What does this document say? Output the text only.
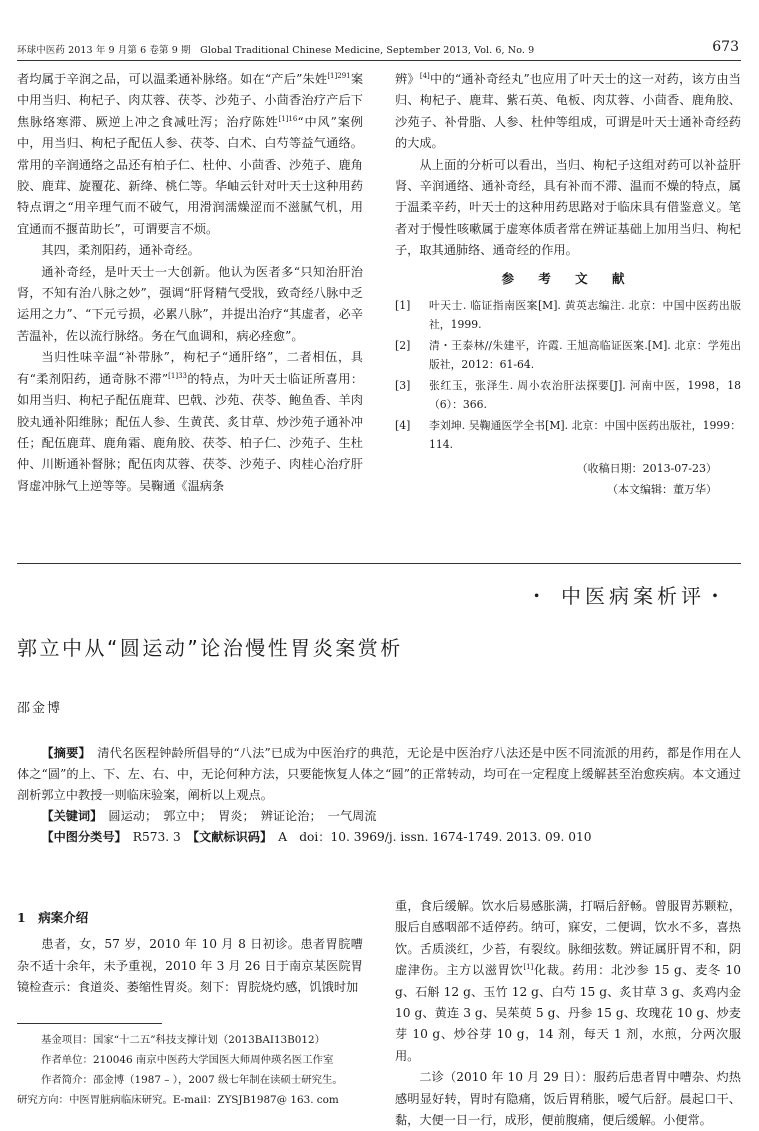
环球中医药 2013 年 9 月第 6 卷第 9 期　Global Traditional Chinese Medicine, September 2013, Vol. 6, No. 9	673

者均属于辛润之品，可以温柔通补脉络。如在“产后”朱姓$^{[1]291}$案中用当归、枸杞子、肉苁蓉、茯苓、沙苑子、小茴香治疗产后下焦脉络寒滞、厥逆上冲之食减吐泻；治疗陈姓$^{[1]16}$“中风”案例中，用当归、枸杞子配伍人参、茯苓、白术、白芍等益气通络。常用的辛润通络之品还有柏子仁、杜仲、小茴香、沙苑子、鹿角胶、鹿茸、旋覆花、新绛、桃仁等。华岫云针对叶天士这种用药特点谓之“用辛理气而不破气，用滑润濡燥涩而不滋腻气机，用宜通而不揠苗助长”，可谓要言不烦。

其四，柔剂阳药，通补奇经。

通补奇经，是叶天士一大创新。他认为医者多“只知治肝治肾，不知有治八脉之妙”，强调“肝肾精气受戕，致奇经八脉中乏运用之力”、“下元亏损，必累八脉”，并提出治疗“其虚者，必辛苦温补，佐以流行脉络。务在气血调和，病必痊愈”。

当归性味辛温“补带脉”，枸杞子“通肝络”，二者相伍，具有“柔剂阳药，通奇脉不滞”$^{[1]33}$的特点，为叶天士临证所喜用：如用当归、枸杞子配伍鹿茸、巴戟、沙苑、茯苓、鲍鱼香、羊肉胶丸通补阳维脉；配伍人参、生黄芪、炙甘草、炒沙苑子通补冲任；配伍鹿茸、鹿角霜、鹿角胶、茯苓、柏子仁、沙苑子、生杜仲、川断通补督脉；配伍肉苁蓉、茯苓、沙苑子、肉桂心治疗肝肾虚冲脉气上逆等等。吴鞠通《温病条

辨》[4]中的“通补奇经丸”也应用了叶天士的这一对药，该方由当归、枸杞子、鹿茸、紫石英、龟板、肉苁蓉、小茴香、鹿角胶、沙苑子、补骨脂、人参、杜仲等组成，可谓是叶天士通补奇经药的大成。

从上面的分析可以看出，当归、枸杞子这组对药可以补益肝肾、辛润通络、通补奇经，具有补而不滞、温而不燥的特点，属于温柔辛药，叶天士的这种用药思路对于临床具有借鉴意义。笔者对于慢性咳嗽属于虚寒体质者常在辨证基础上加用当归、枸杞子，取其通肺络、通奇经的作用。

参 考 文 献
[1]	叶天士. 临证指南医案[M]. 黄英志编注. 北京：中国中医药出版社，1999.
[2]	清・王泰林//朱建平，许霞. 王旭高临证医案.[M]. 北京：学苑出版社，2012：61-64.
[3]	张红玉，张泽生. 周小农治肝法探要[J]. 河南中医，1998，18（6）：366.
[4]	李刘坤. 吴鞠通医学全书[M]. 北京：中国中医药出版社，1999：114.
（收稿日期：2013-07-23）
（本文编辑：董万华）
・ 中医病案析评・
郭立中从“圆运动”论治慢性胃炎案赏析
邵金博

【摘要】　 清代名医程钟龄所倡导的“八法”已成为中医治疗的典范，无论是中医治疗八法还是中医不同流派的用药，都是作用在人体之“圆”的上、下、左、右、中，无论何种方法，只要能恢复人体之“圆”的正常转动，均可在一定程度上缓解甚至治愈疾病。本文通过剖析郭立中教授一则临床验案，阐析以上观点。

【关键词】　 圆运动；　郭立中；　胃炎；　辨证论治；　一气周流

【中图分类号】　 R573. 3　 【文献标识码】　 A　doi：10. 3969/j. issn. 1674-1749. 2013. 09. 010

1　病案介绍

患者，女，57 岁，2010 年 10 月 8 日初诊。患者胃脘嘈杂不适十余年，未予重视，2010 年 3 月 26 日于南京某医院胃镜检查示：食道炎、萎缩性胃炎。刻下：胃脘烧灼感，饥饿时加

基金项目：国家“十二五”科技支撑计划（2013BAI13B012）
作者单位：210046 南京中医药大学国医大师周仲瑛名医工作室
作者简介：邵金博（1987 – ），2007 级七年制在读硕士研究生。
研究方向：中医胃脏病临床研究。E-mail：ZYSJB1987@ 163. com

重，食后缓解。饮水后易感胀满，打嗝后舒畅。曾服胃苏颗粒，服后自感咽部不适停药。纳可，寐安，二便调，饮水不多，喜热饮。舌质淡红，少苔，有裂纹。脉细弦数。辨证属肝胃不和，阴虚津伤。主方以滋胃饮[1]化裁。药用：北沙参 15 g、麦冬 10 g、石斛 12 g、玉竹 12 g、白芍 15 g、炙甘草 3 g、炙鸡内金 10 g、黄连 3 g、吴茱萸 5 g、丹参 15 g、玫瑰花 10 g、炒麦芽 10 g、炒谷芽 10 g，14 剂，每天 1 剂，水煎，分两次服用。

二诊（2010 年 10 月 29 日）：服药后患者胃中嘈杂、灼热感明显好转，胃时有隐痛，饭后胃稍胀，嗳气后舒。晨起口干、黏，大便一日一行，成形，便前腹痛，便后缓解。小便常。
